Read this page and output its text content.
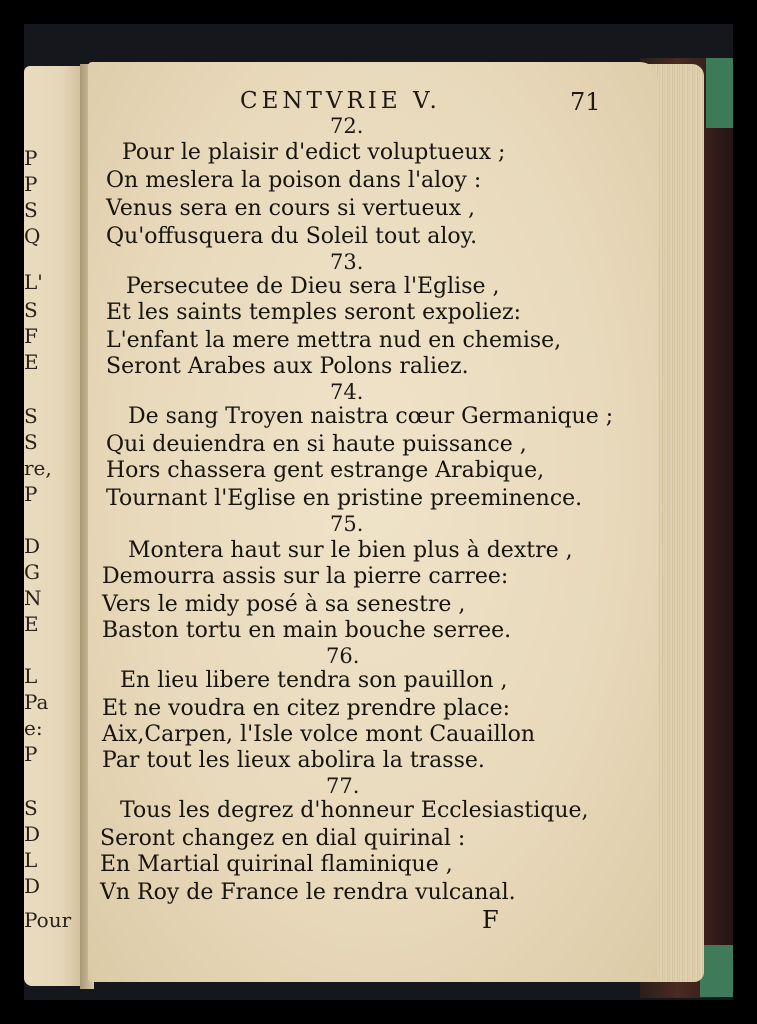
P
P
S
Q
L'
S
F
E
S
S
re,
P
D
G
N
E
L
Pa
e:
P
S
D
L
D
Pour
CENTVRIE V.	71
72.
Pour le plaisir d'edict voluptueux ;
On meslera la poison dans l'aloy :
Venus sera en cours si vertueux ,
Qu'offusquera du Soleil tout aloy.
73.
Persecutee de Dieu sera l'Eglise ,
Et les saints temples seront expoliez:
L'enfant la mere mettra nud en chemise,
Seront Arabes aux Polons raliez.
74.
De sang Troyen naistra cœur Germanique ;
Qui deuiendra en si haute puissance ,
Hors chassera gent estrange Arabique,
Tournant l'Eglise en pristine preeminence.
75.
Montera haut sur le bien plus à dextre ,
Demourra assis sur la pierre carree:
Vers le midy posé à sa senestre ,
Baston tortu en main bouche serree.
76.
En lieu libere tendra son pauillon ,
Et ne voudra en citez prendre place:
Aix,Carpen, l'Isle volce mont Cauaillon
Par tout les lieux abolira la trasse.
77.
Tous les degrez d'honneur Ecclesiastique,
Seront changez en dial quirinal :
En Martial quirinal flaminique ,
Vn Roy de France le rendra vulcanal.
F
